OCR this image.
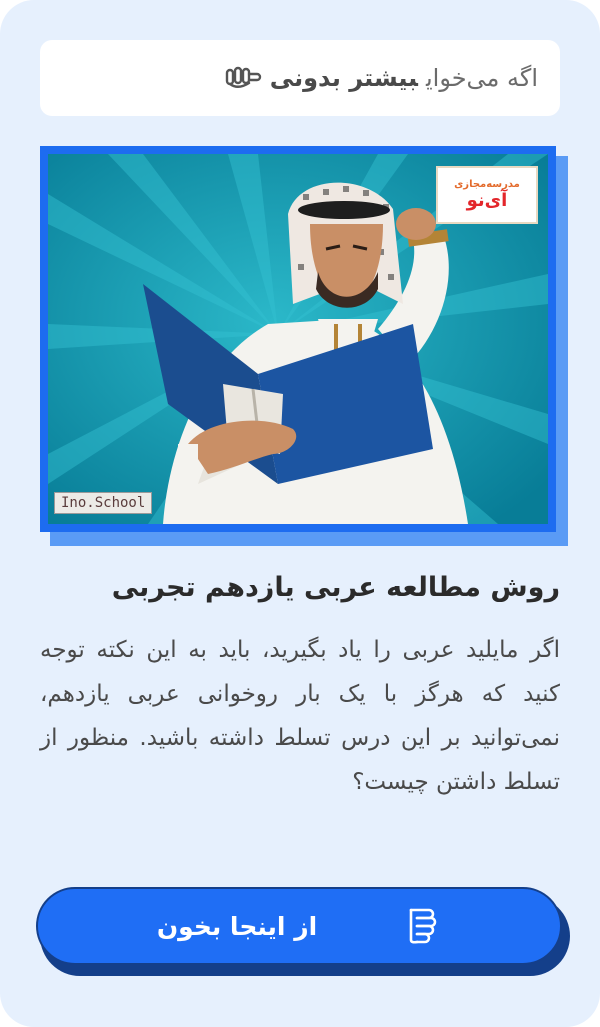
اگه می‌خوایبیشتر بدونی
مدرسه‌مجازی
آی‌نو
Ino.School
روش مطالعه عربی یازدهم تجربی
اگر مایلید عربی را یاد بگیرید، باید به این نکته توجه کنید که هرگز با یک بار روخوانی عربی یازدهم، نمی‌توانید بر این درس تسلط داشته باشید. منظور از تسلط داشتن چیست؟
از اینجا بخون
